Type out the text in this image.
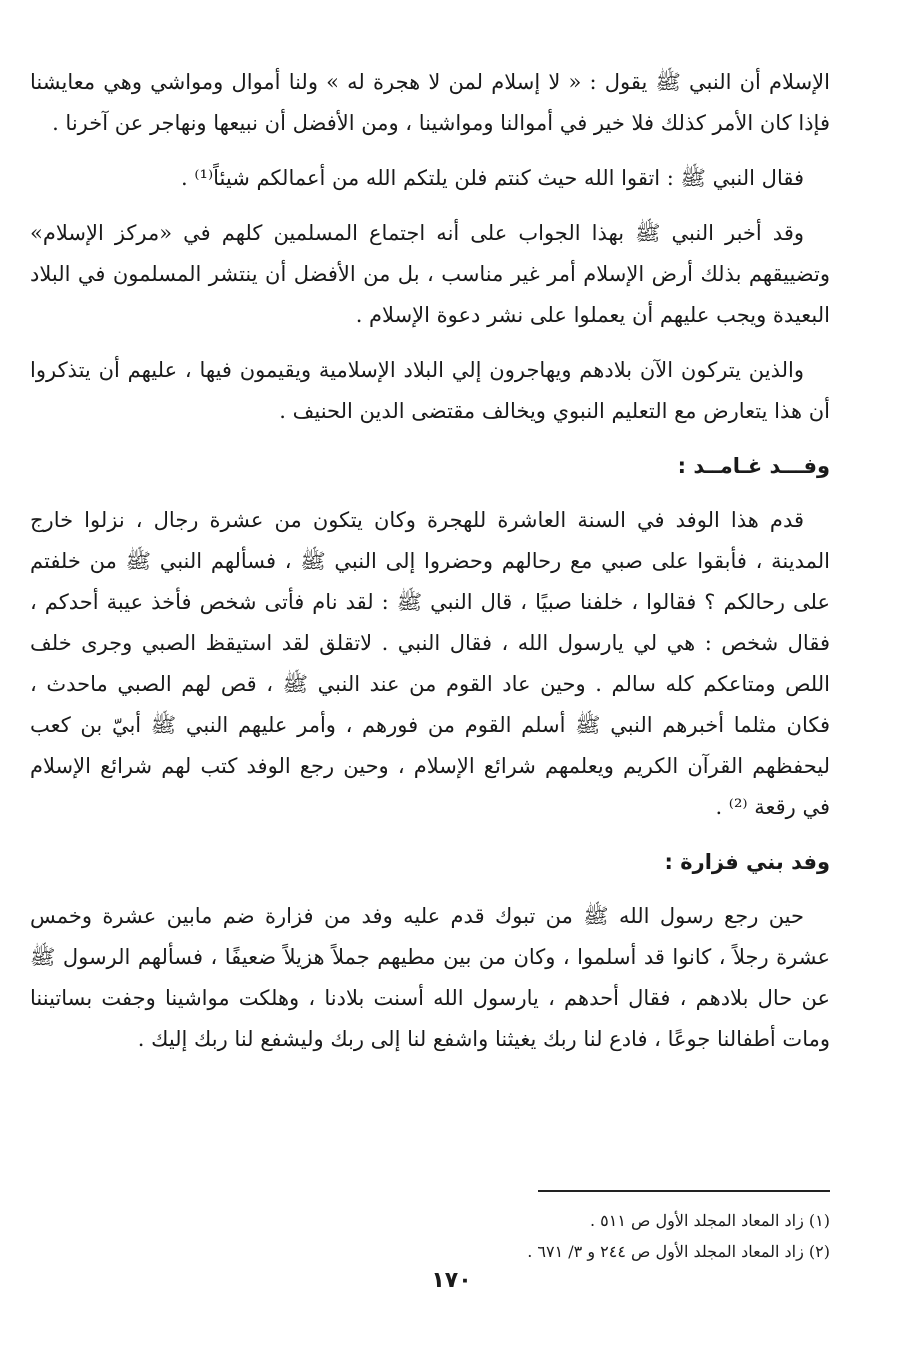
الإسلام أن النبي ﷺ يقول : « لا إسلام لمن لا هجرة له » ولنا أموال ومواشي وهي معايشنا فإذا كان الأمر كذلك فلا خير في أموالنا ومواشينا ، ومن الأفضل أن نبيعها ونهاجر عن آخرنا .

فقال النبي ﷺ : اتقوا الله حيث كنتم فلن يلتكم الله من أعمالكم شيئاً⁽¹⁾ .

وقد أخبر النبي ﷺ بهذا الجواب على أنه اجتماع المسلمين كلهم في «مركز الإسلام» وتضييقهم بذلك أرض الإسلام أمر غير مناسب ، بل من الأفضل أن ينتشر المسلمون في البلاد البعيدة ويجب عليهم أن يعملوا على نشر دعوة الإسلام .

والذين يتركون الآن بلادهم ويهاجرون إلي البلاد الإسلامية ويقيمون فيها ، عليهم أن يتذكروا أن هذا يتعارض مع التعليم النبوي ويخالف مقتضى الدين الحنيف .

وفـــد غـامــد :

قدم هذا الوفد في السنة العاشرة للهجرة وكان يتكون من عشرة رجال ، نزلوا خارج المدينة ، فأبقوا على صبي مع رحالهم وحضروا إلى النبي ﷺ ، فسألهم النبي ﷺ من خلفتم على رحالكم ؟ فقالوا ، خلفنا صبيًا ، قال النبي ﷺ : لقد نام فأتى شخص فأخذ عيبة أحدكم ، فقال شخص : هي لي يارسول الله ، فقال النبي . لاتقلق لقد استيقظ الصبي وجرى خلف اللص ومتاعكم كله سالم . وحين عاد القوم من عند النبي ﷺ ، قص لهم الصبي ماحدث ، فكان مثلما أخبرهم النبي ﷺ أسلم القوم من فورهم ، وأمر عليهم النبي ﷺ أبيّ بن كعب ليحفظهم القرآن الكريم ويعلمهم شرائع الإسلام ، وحين رجع الوفد كتب لهم شرائع الإسلام في رقعة ⁽²⁾ .

وفد بني فزارة :

حين رجع رسول الله ﷺ من تبوك قدم عليه وفد من فزارة ضم مابين عشرة وخمس عشرة رجلاً ، كانوا قد أسلموا ، وكان من بين مطيهم جملاً هزيلاً ضعيفًا ، فسألهم الرسول ﷺ عن حال بلادهم ، فقال أحدهم ، يارسول الله أسنت بلادنا ، وهلكت مواشينا وجفت بساتيننا ومات أطفالنا جوعًا ، فادع لنا ربك يغيثنا واشفع لنا إلى ربك وليشفع لنا ربك إليك .

(١) زاد المعاد المجلد الأول ص ٥١١ .

(٢) زاد المعاد المجلد الأول ص ٢٤٤ و ٣/ ٦٧١ .

١٧٠
